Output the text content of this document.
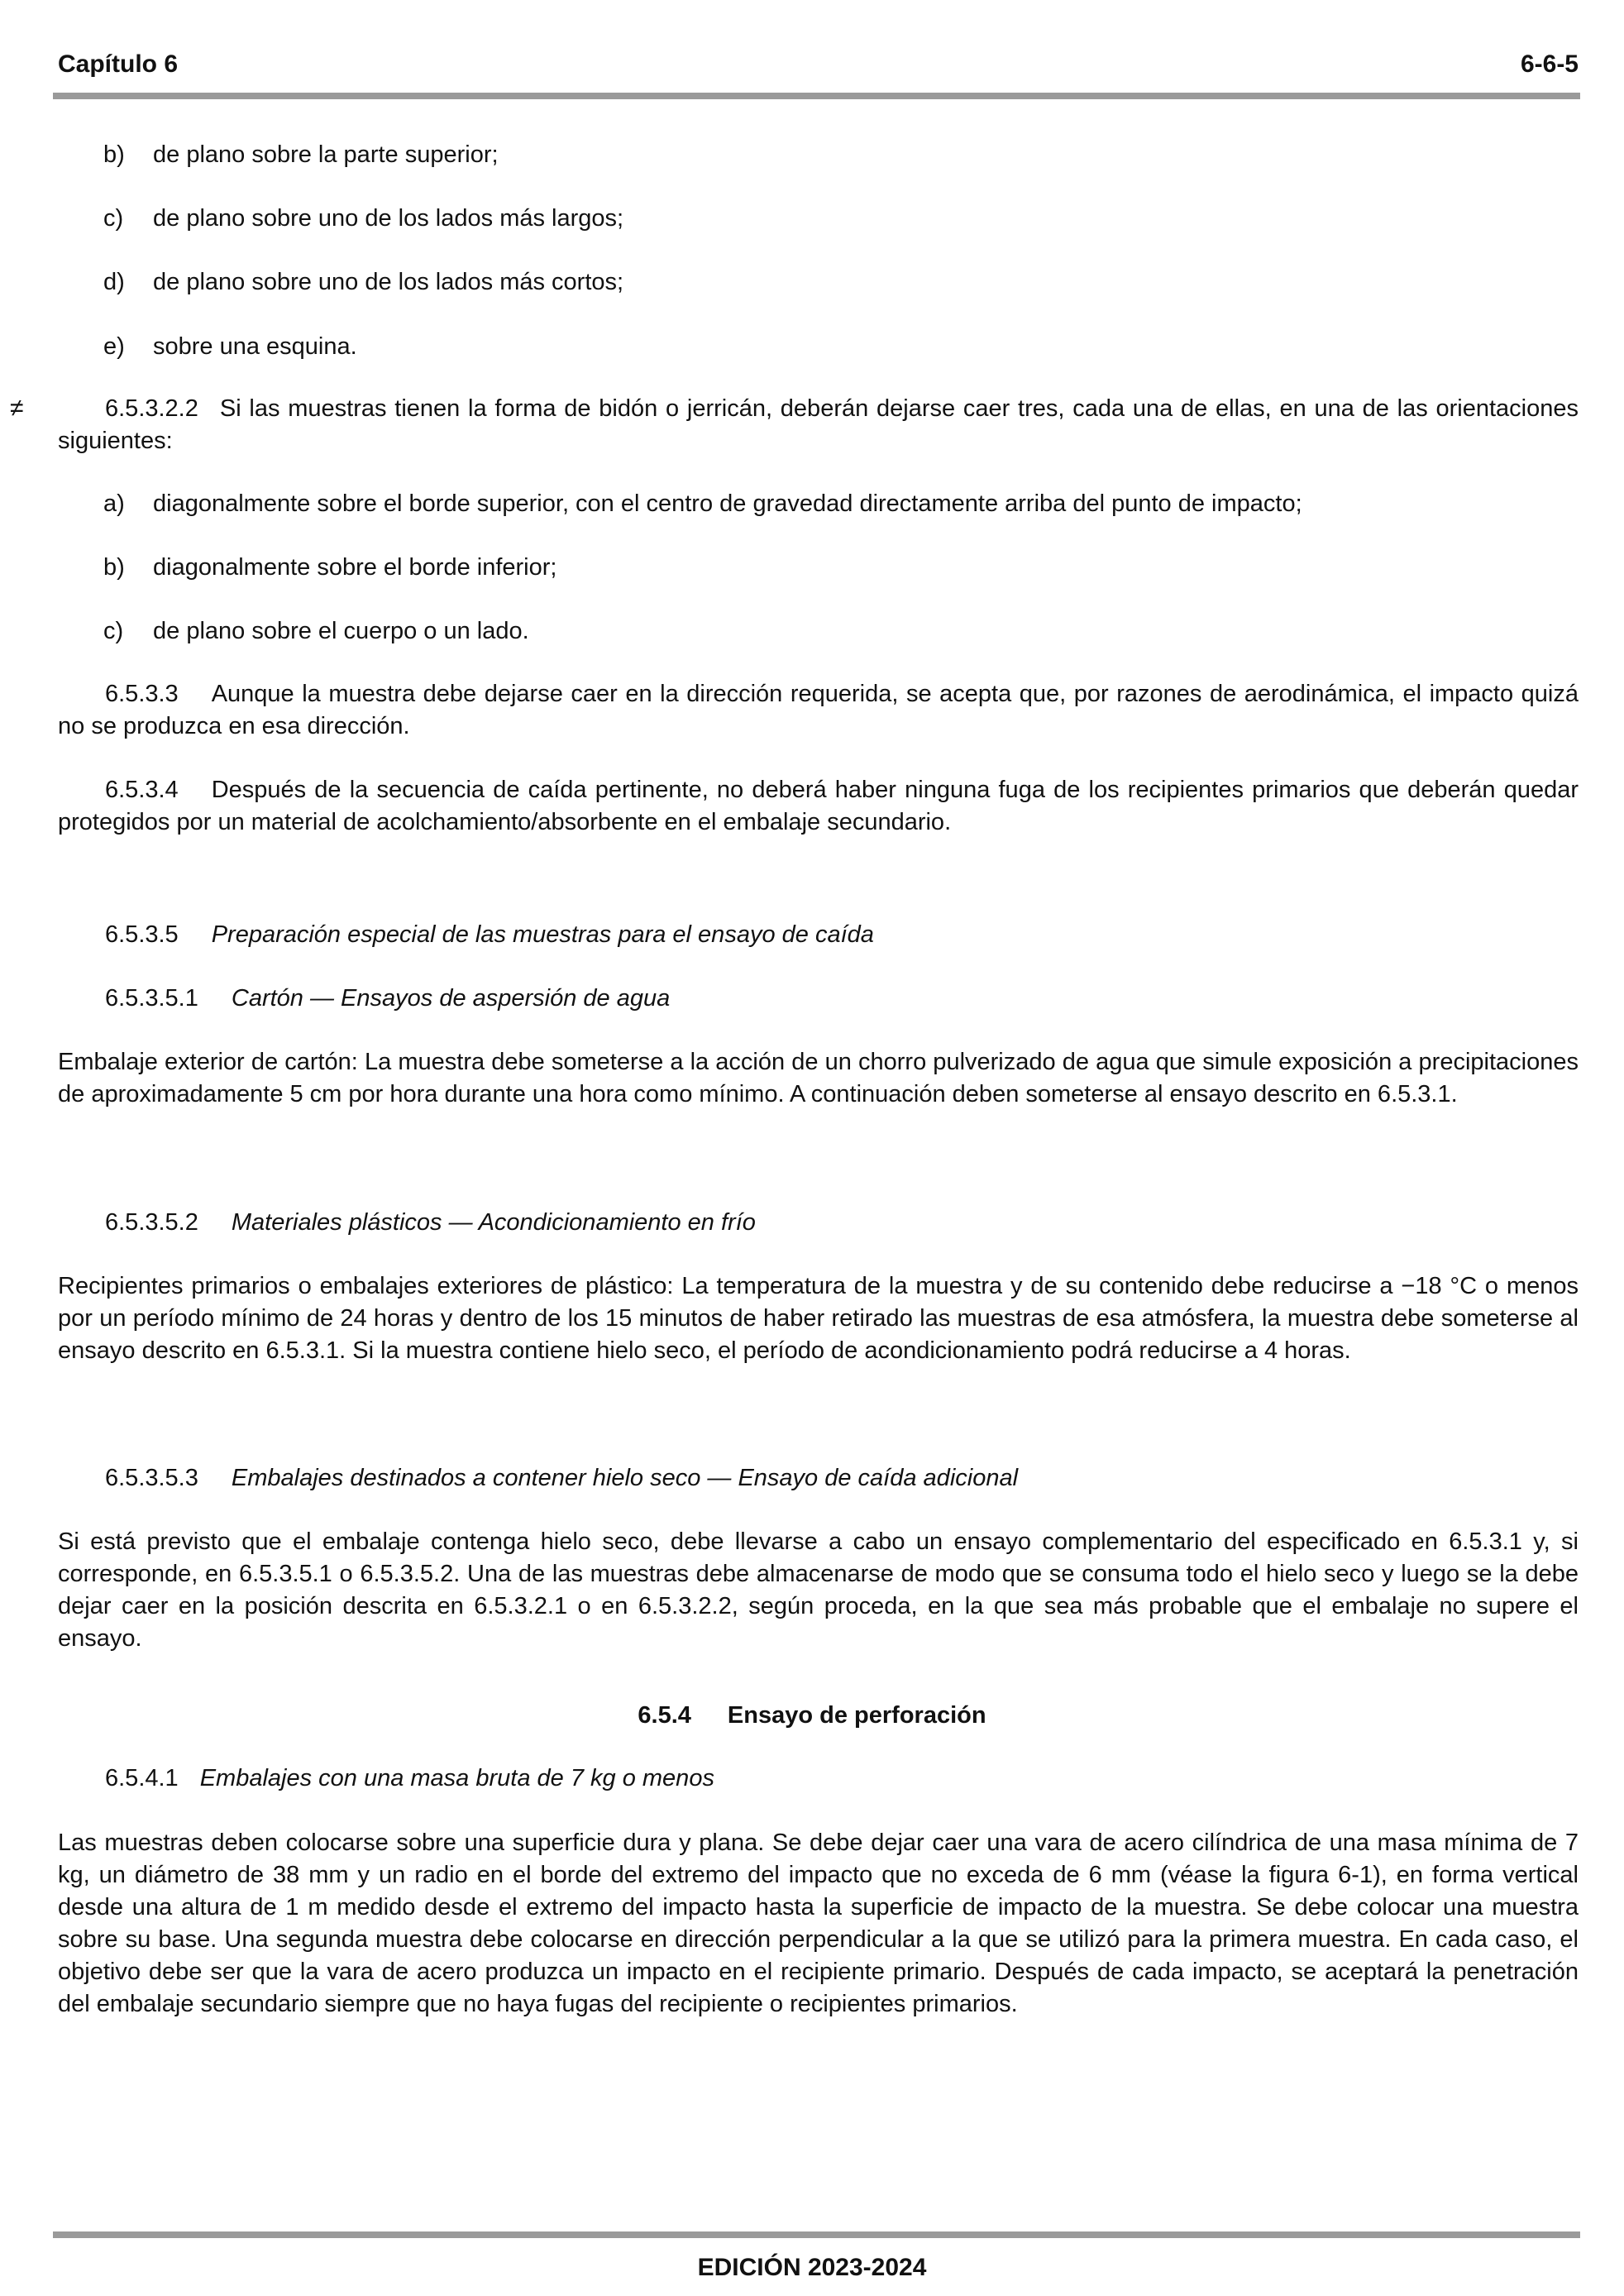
Capítulo 6	6-6-5
b) de plano sobre la parte superior;
c) de plano sobre uno de los lados más largos;
d) de plano sobre uno de los lados más cortos;
e) sobre una esquina.
≠	6.5.3.2.2 Si las muestras tienen la forma de bidón o jerricán, deberán dejarse caer tres, cada una de ellas, en una de las orientaciones siguientes:
a) diagonalmente sobre el borde superior, con el centro de gravedad directamente arriba del punto de impacto;
b) diagonalmente sobre el borde inferior;
c) de plano sobre el cuerpo o un lado.
6.5.3.3 Aunque la muestra debe dejarse caer en la dirección requerida, se acepta que, por razones de aerodinámica, el impacto quizá no se produzca en esa dirección.
6.5.3.4 Después de la secuencia de caída pertinente, no deberá haber ninguna fuga de los recipientes primarios que deberán quedar protegidos por un material de acolchamiento/absorbente en el embalaje secundario.
6.5.3.5 Preparación especial de las muestras para el ensayo de caída
6.5.3.5.1 Cartón — Ensayos de aspersión de agua
Embalaje exterior de cartón: La muestra debe someterse a la acción de un chorro pulverizado de agua que simule exposición a precipitaciones de aproximadamente 5 cm por hora durante una hora como mínimo. A continuación deben someterse al ensayo descrito en 6.5.3.1.
6.5.3.5.2 Materiales plásticos — Acondicionamiento en frío
Recipientes primarios o embalajes exteriores de plástico: La temperatura de la muestra y de su contenido debe reducirse a −18 °C o menos por un período mínimo de 24 horas y dentro de los 15 minutos de haber retirado las muestras de esa atmósfera, la muestra debe someterse al ensayo descrito en 6.5.3.1. Si la muestra contiene hielo seco, el período de acondicionamiento podrá reducirse a 4 horas.
6.5.3.5.3 Embalajes destinados a contener hielo seco — Ensayo de caída adicional
Si está previsto que el embalaje contenga hielo seco, debe llevarse a cabo un ensayo complementario del especificado en 6.5.3.1 y, si corresponde, en 6.5.3.5.1 o 6.5.3.5.2. Una de las muestras debe almacenarse de modo que se consuma todo el hielo seco y luego se la debe dejar caer en la posición descrita en 6.5.3.2.1 o en 6.5.3.2.2, según proceda, en la que sea más probable que el embalaje no supere el ensayo.
6.5.4 Ensayo de perforación
6.5.4.1 Embalajes con una masa bruta de 7 kg o menos
Las muestras deben colocarse sobre una superficie dura y plana. Se debe dejar caer una vara de acero cilíndrica de una masa mínima de 7 kg, un diámetro de 38 mm y un radio en el borde del extremo del impacto que no exceda de 6 mm (véase la figura 6-1), en forma vertical desde una altura de 1 m medido desde el extremo del impacto hasta la superficie de impacto de la muestra. Se debe colocar una muestra sobre su base. Una segunda muestra debe colocarse en dirección perpendicular a la que se utilizó para la primera muestra. En cada caso, el objetivo debe ser que la vara de acero produzca un impacto en el recipiente primario. Después de cada impacto, se aceptará la penetración del embalaje secundario siempre que no haya fugas del recipiente o recipientes primarios.
EDICIÓN 2023-2024
